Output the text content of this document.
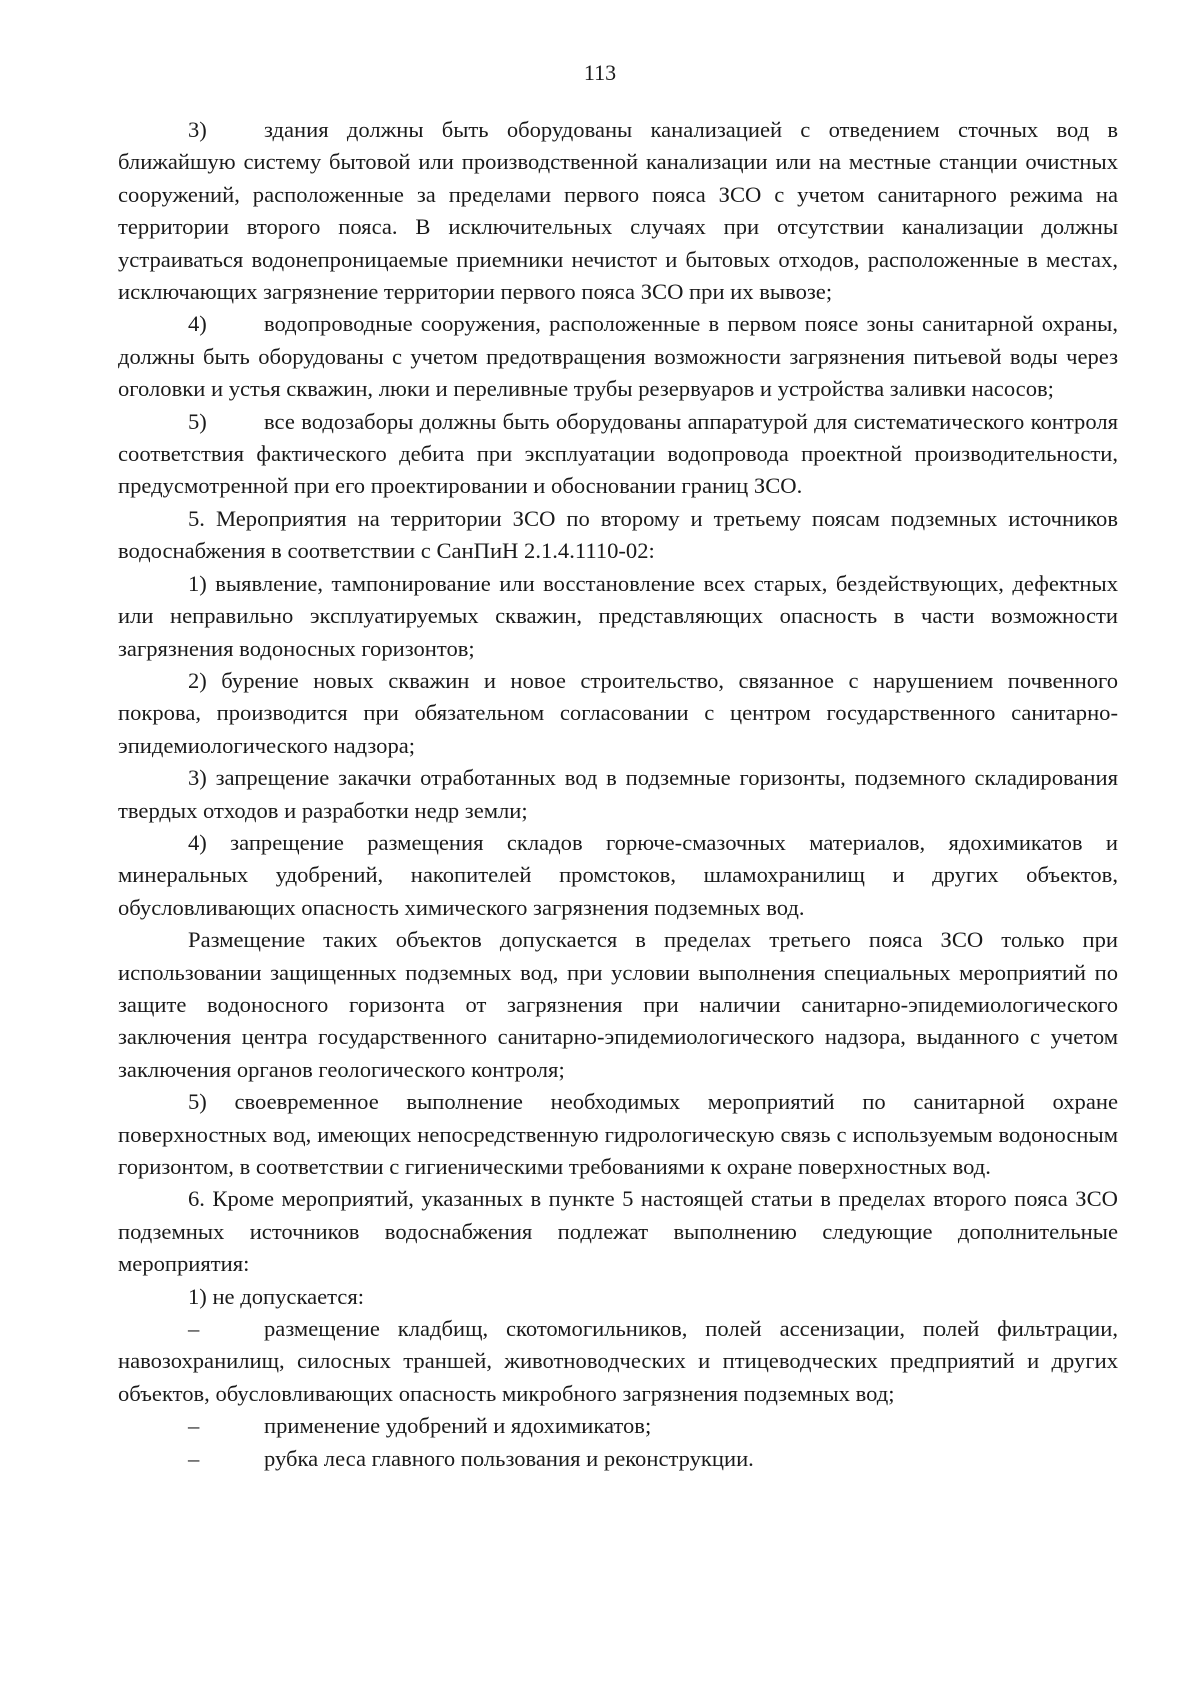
113

3)	здания должны быть оборудованы канализацией с отведением сточных вод в ближайшую систему бытовой или производственной канализации или на местные станции очистных сооружений, расположенные за пределами первого пояса ЗСО с учетом санитарного режима на территории второго пояса. В исключительных случаях при отсутствии канализации должны устраиваться водонепроницаемые приемники нечистот и бытовых отходов, расположенные в местах, исключающих загрязнение территории первого пояса ЗСО при их вывозе;

4)	водопроводные сооружения, расположенные в первом поясе зоны санитарной охраны, должны быть оборудованы с учетом предотвращения возможности загрязнения питьевой воды через оголовки и устья скважин, люки и переливные трубы резервуаров и устройства заливки насосов;

5)	все водозаборы должны быть оборудованы аппаратурой для систематического контроля соответствия фактического дебита при эксплуатации водопровода проектной производительности, предусмотренной при его проектировании и обосновании границ ЗСО.

5. Мероприятия на территории ЗСО по второму и третьему поясам подземных источников водоснабжения в соответствии с СанПиН 2.1.4.1110-02:

1) выявление, тампонирование или восстановление всех старых, бездействующих, дефектных или неправильно эксплуатируемых скважин, представляющих опасность в части возможности загрязнения водоносных горизонтов;

2) бурение новых скважин и новое строительство, связанное с нарушением почвенного покрова, производится при обязательном согласовании с центром государственного санитарно-эпидемиологического надзора;

3) запрещение закачки отработанных вод в подземные горизонты, подземного складирования твердых отходов и разработки недр земли;

4) запрещение размещения складов горюче-смазочных материалов, ядохимикатов и минеральных удобрений, накопителей промстоков, шламохранилищ и других объектов, обусловливающих опасность химического загрязнения подземных вод.

Размещение таких объектов допускается в пределах третьего пояса ЗСО только при использовании защищенных подземных вод, при условии выполнения специальных мероприятий по защите водоносного горизонта от загрязнения при наличии санитарно-эпидемиологического заключения центра государственного санитарно-эпидемиологического надзора, выданного с учетом заключения органов геологического контроля;

5) своевременное выполнение необходимых мероприятий по санитарной охране поверхностных вод, имеющих непосредственную гидрологическую связь с используемым водоносным горизонтом, в соответствии с гигиеническими требованиями к охране поверхностных вод.

6. Кроме мероприятий, указанных в пункте 5 настоящей статьи в пределах второго пояса ЗСО подземных источников водоснабжения подлежат выполнению следующие дополнительные мероприятия:

1) не допускается:

–	размещение кладбищ, скотомогильников, полей ассенизации, полей фильтрации, навозохранилищ, силосных траншей, животноводческих и птицеводческих предприятий и других объектов, обусловливающих опасность микробного загрязнения подземных вод;

–	применение удобрений и ядохимикатов;

–	рубка леса главного пользования и реконструкции.
